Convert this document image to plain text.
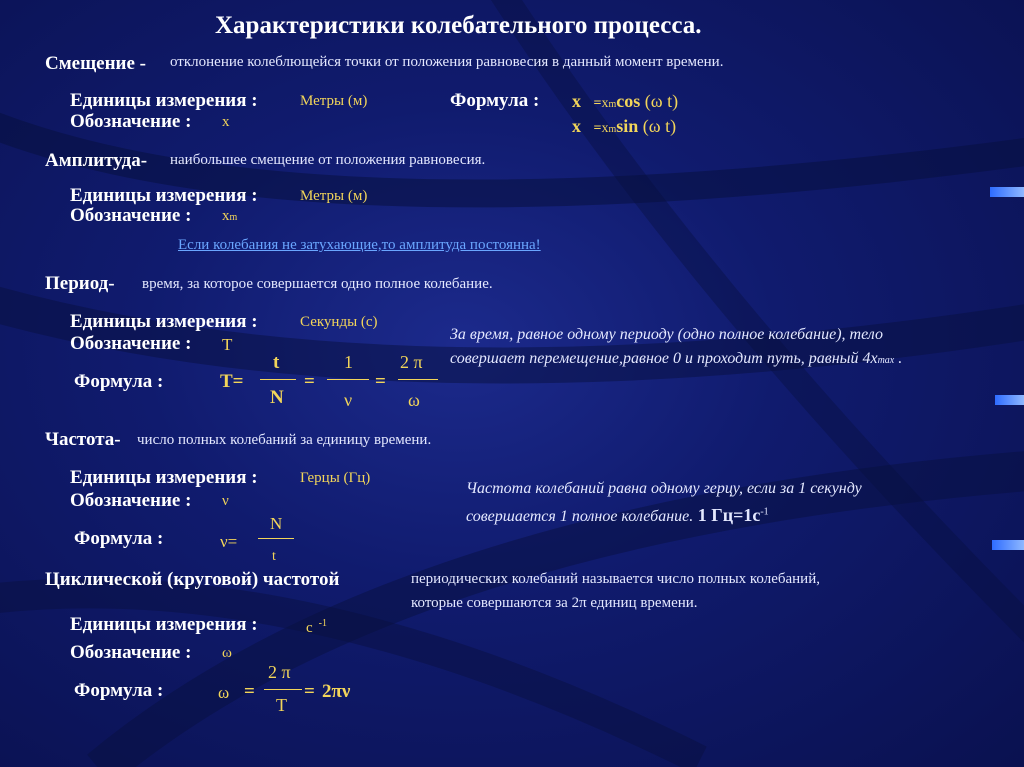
Характеристики колебательного процесса.
Смещение - отклонение колеблющейся точки от положения равновесия в данный момент времени.
Единицы измерения :	Метры (м)
Обозначение : x
Формула : x =xmcos (ω t)
x =xmsin (ω t)
Амплитуда- наибольшее смещение от положения равновесия.
Единицы измерения :	Метры (м)
Обозначение : xm
Если колебания не затухающие,то амплитуда постоянна!
Период- время, за которое совершается одно полное колебание.
Единицы измерения :	Секунды (с)
Обозначение : T
Формула :	T=
t
N
=
1
ν
=
2 π
ω
За время, равное одному периоду (одно полное колебание), тело
совершает перемещение,равное 0 и проходит путь, равный 4xmax .
Частота- число полных колебаний за единицу времени.
Единицы измерения :	Герцы (Гц)
Обозначение : ν
Формула :	ν=
N
t
Частота колебаний равна одному герцу, если за 1 секунду
совершается 1 полное колебание. 1 $Гц=1с^{-1}$
Циклической (круговой) частотой	периодических колебаний называется число полных колебаний,
которые совершаются за 2π единиц времени.
Единицы измерения :	с $^{-1}$
Обозначение : ω
Формула :	ω =
2 π
T
= 2πν
